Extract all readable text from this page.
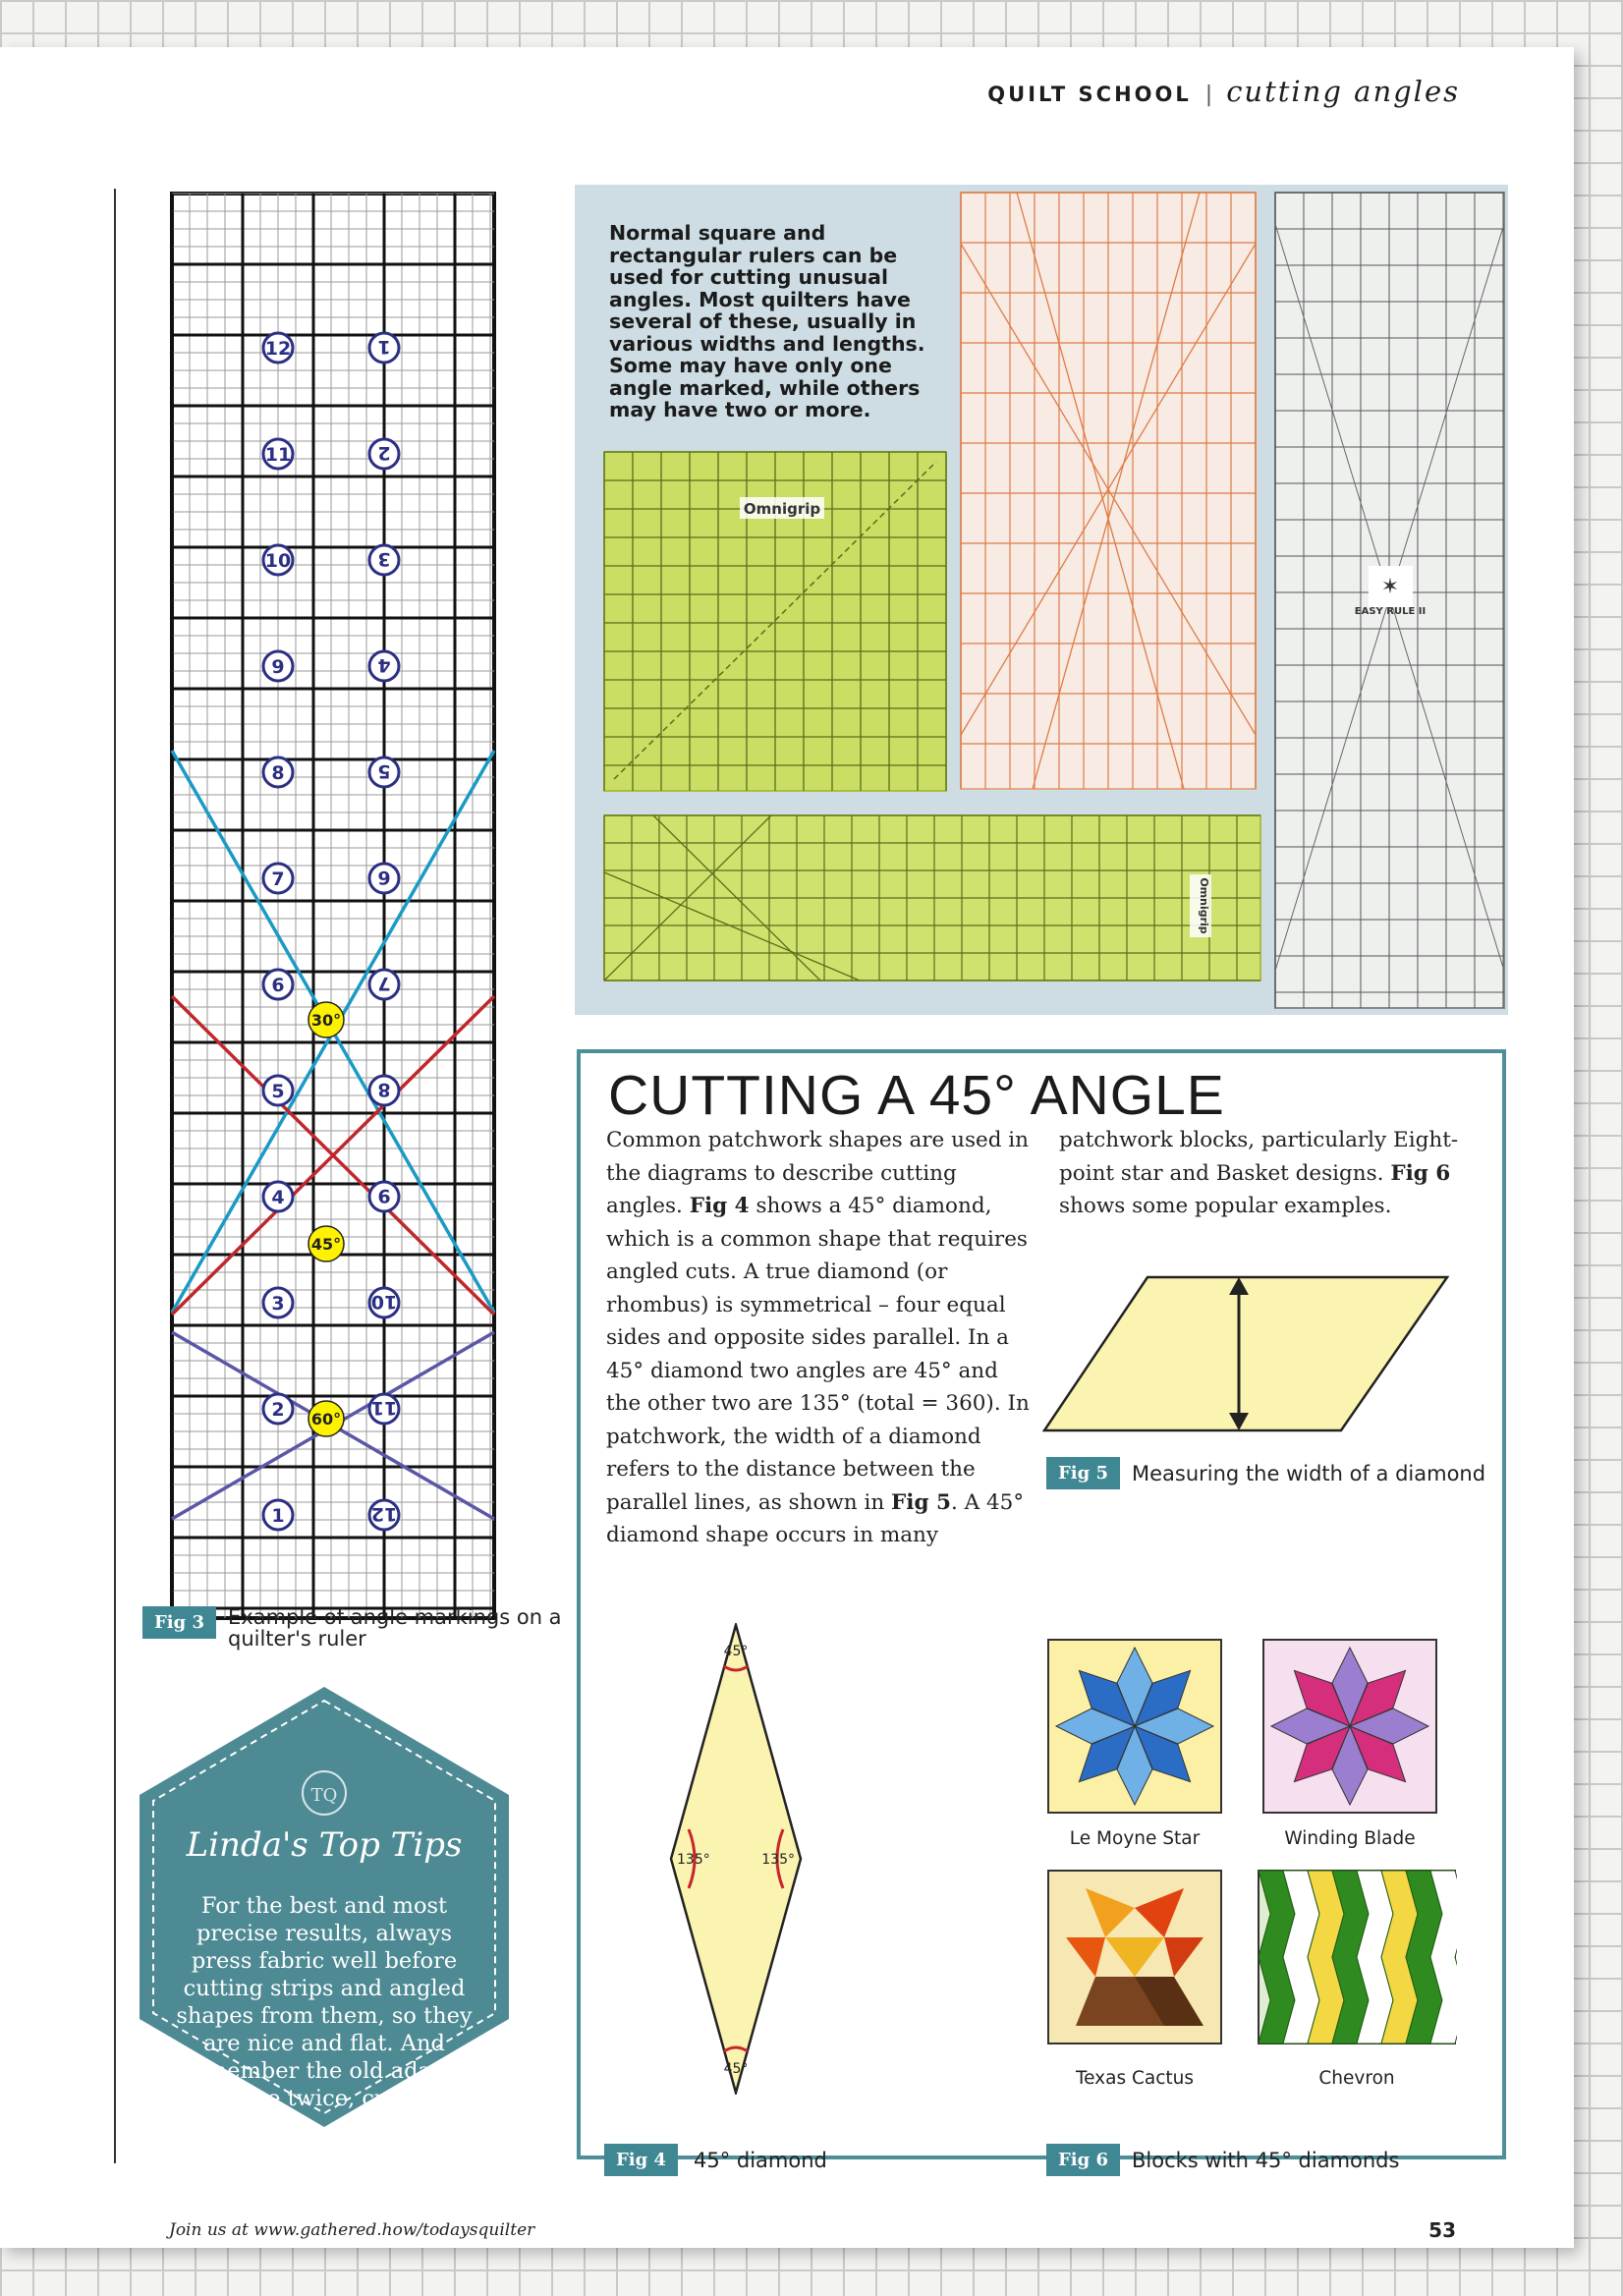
QUILT SCHOOL | cutting angles
12
11
10
9
8
7
6
5
4
3
2
1
1
2
3
4
5
6
7
8
9
10
11
12
30°
45°
60°
Fig 3	Example of angle markings on a quilter's ruler
TQ
Linda's Top Tips
For the best and most precise results, always press fabric well before cutting strips and angled shapes from them, so they are nice and flat. And remember the old adage: measure twice, cut once.
Normal square and rectangular rulers can be used for cutting unusual angles. Most quilters have several of these, usually in various widths and lengths. Some may have only one angle marked, while others may have two or more.
Omnigrip
✶
EASY RULE II
Omnigrip
CUTTING A 45° ANGLE
Common patchwork shapes are used in the diagrams to describe cutting angles. Fig 4 shows a 45° diamond, which is a common shape that requires angled cuts. A true diamond (or rhombus) is symmetrical – four equal sides and opposite sides parallel. In a 45° diamond two angles are 45° and the other two are 135° (total = 360). In patchwork, the width of a diamond refers to the distance between the parallel lines, as shown in Fig 5. A 45° diamond shape occurs in many
patchwork blocks, particularly Eight-point star and Basket designs. Fig 6 shows some popular examples.
Fig 5	Measuring the width of a diamond
45°
135°	135°
45°
Fig 4	45° diamond
Le Moyne Star	Winding Blade
Texas Cactus	Chevron
Fig 6	Blocks with 45° diamonds
Join us at www.gathered.how/todaysquilter	53
